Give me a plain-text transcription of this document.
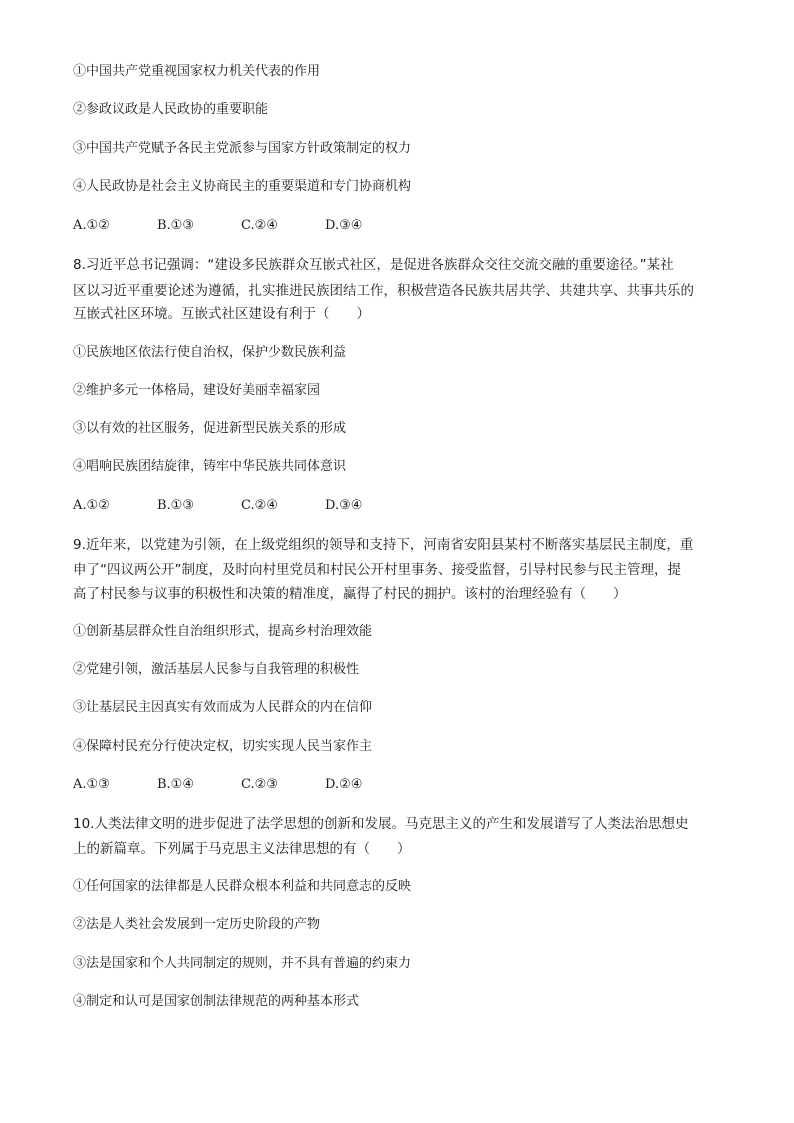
①中国共产党重视国家权力机关代表的作用
②参政议政是人民政协的重要职能
③中国共产党赋予各民主党派参与国家方针政策制定的权力
④人民政协是社会主义协商民主的重要渠道和专门协商机构
A.①②	B.①③	C.②④	D.③④
8.习近平总书记强调：“建设多民族群众互嵌式社区，是促进各族群众交往交流交融的重要途径。”某社
区以习近平重要论述为遵循，扎实推进民族团结工作，积极营造各民族共居共学、共建共享、共事共乐的
互嵌式社区环境。互嵌式社区建设有利于（　　）
①民族地区依法行使自治权，保护少数民族利益
②维护多元一体格局，建设好美丽幸福家园
③以有效的社区服务，促进新型民族关系的形成
④唱响民族团结旋律，铸牢中华民族共同体意识
A.①②	B.①③	C.②④	D.③④
9.近年来，以党建为引领，在上级党组织的领导和支持下，河南省安阳县某村不断落实基层民主制度，重
申了“四议两公开”制度，及时向村里党员和村民公开村里事务、接受监督，引导村民参与民主管理，提
高了村民参与议事的积极性和决策的精准度，赢得了村民的拥护。该村的治理经验有（　　）
①创新基层群众性自治组织形式，提高乡村治理效能
②党建引领，激活基层人民参与自我管理的积极性
③让基层民主因真实有效而成为人民群众的内在信仰
④保障村民充分行使决定权，切实实现人民当家作主
A.①③	B.①④	C.②③	D.②④
10.人类法律文明的进步促进了法学思想的创新和发展。马克思主义的产生和发展谱写了人类法治思想史
上的新篇章。下列属于马克思主义法律思想的有（　　）
①任何国家的法律都是人民群众根本利益和共同意志的反映
②法是人类社会发展到一定历史阶段的产物
③法是国家和个人共同制定的规则，并不具有普遍的约束力
④制定和认可是国家创制法律规范的两种基本形式
